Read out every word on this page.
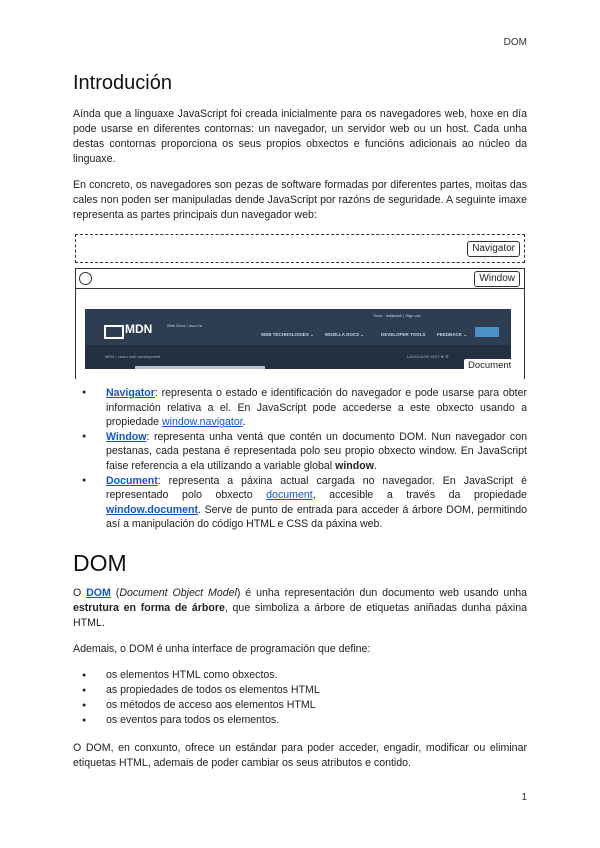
DOM
Introdución

Aínda que a linguaxe JavaScript foi creada inicialmente para os navegadores web, hoxe en día pode usarse en diferentes contornas: un navegador, un servidor web ou un host. Cada unha destas contornas proporciona os seus propios obxectos e funcións adicionais ao núcleo da linguaxe.

En concreto, os navegadores son pezas de software formadas por diferentes partes, moitas das cales non poden ser manipuladas dende JavaScript por razóns de seguridade. A seguinte imaxe representa as partes principais dun navegador web:

Navigator
Window
Tools · dslaksisk | Sign out
MDN	Web Docs / moz://a
WEB TECHNOLOGIES ⌄ MOZILLA DOCS ⌄	DEVELOPER TOOLS	FEEDBACK ⌄
MDN › Learn web development	LANGUAGE EDIT ★ ⚙
Document
● Navigator: representa o estado e identificación do navegador e pode usarse para obter información relativa a el. En JavaScript pode accederse a este obxecto usando a propiedade window.navigator.
● Window: representa unha ventá que contén un documento DOM. Nun navegador con pestanas, cada pestana é representada polo seu propio obxecto window. En JavaScript faise referencia a ela utilizando a variable global window.
● Document: representa a páxina actual cargada no navegador. En JavaScript é representado polo obxecto document, accesible a través da propiedade window.document. Serve de punto de entrada para acceder á árbore DOM, permitindo así a manipulación do código HTML e CSS da páxina web.
DOM

O DOM (Document Object Model) é unha representación dun documento web usando unha estrutura en forma de árbore, que simboliza a árbore de etiquetas aniñadas dunha páxina HTML.

Ademais, o DOM é unha interface de programación que define:

● os elementos HTML como obxectos.
● as propiedades de todos os elementos HTML
● os métodos de acceso aos elementos HTML
● os eventos para todos os elementos.

O DOM, en conxunto, ofrece un estándar para poder acceder, engadir, modificar ou eliminar etiquetas HTML, ademais de poder cambiar os seus atributos e contido.

1
